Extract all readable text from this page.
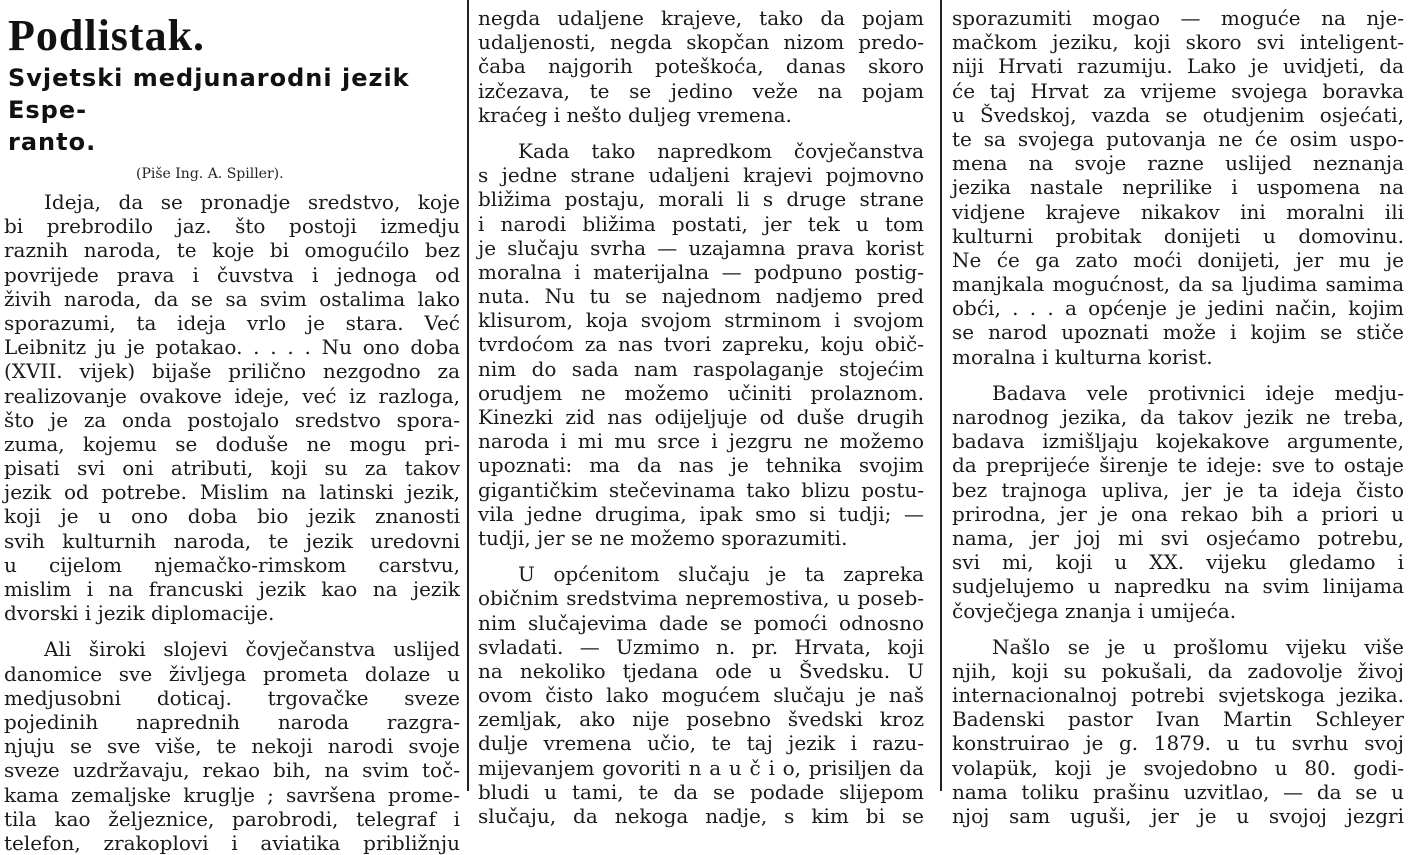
Podlistak.
Svjetski medjunarodni jezik Espe-
ranto.
(Piše Ing. A. Spiller).
Ideja, da se pronadje sredstvo, koje
bi prebrodilo jaz. što postoji izmedju
raznih naroda, te koje bi omogućilo bez
povrijede prava i čuvstva i jednoga od
živih naroda, da se sa svim ostalima lako
sporazumi, ta ideja vrlo je stara. Već
Leibnitz ju je potakao. . . . . Nu ono doba
(XVII. vijek) bijaše prilično nezgodno za
realizovanje ovakove ideje, već iz razloga,
što je za onda postojalo sredstvo spora-
zuma, kojemu se doduše ne mogu pri-
pisati svi oni atributi, koji su za takov
jezik od potrebe. Mislim na latinski jezik,
koji je u ono doba bio jezik znanosti
svih kulturnih naroda, te jezik uredovni
u cijelom njemačko-rimskom carstvu,
mislim i na francuski jezik kao na jezik
dvorski i jezik diplomacije.
Ali široki slojevi čovječanstva uslijed
danomice sve življega prometa dolaze u
medjusobni doticaj. trgovačke sveze
pojedinih naprednih naroda razgra-
njuju se sve više, te nekoji narodi svoje
sveze uzdržavaju, rekao bih, na svim toč-
kama zemaljske kruglje ; savršena prome-
tila kao željeznice, parobrodi, telegraf i
telefon, zrakoplovi i aviatika približnju
negda udaljene krajeve, tako da pojam
udaljenosti, negda skopčan nizom predo-
čaba najgorih poteškoća, danas skoro
izčezava, te se jedino veže na pojam
kraćeg i nešto duljeg vremena.
Kada tako napredkom čovječanstva
s jedne strane udaljeni krajevi pojmovno
bližima postaju, morali li s druge strane
i narodi bližima postati, jer tek u tom
je slučaju svrha — uzajamna prava korist
moralna i materijalna — podpuno postig-
nuta. Nu tu se najednom nadjemo pred
klisurom, koja svojom strminom i svojom
tvrdoćom za nas tvori zapreku, koju obič-
nim do sada nam raspolaganje stojećim
orudjem ne možemo učiniti prolaznom.
Kinezki zid nas odijeljuje od duše drugih
naroda i mi mu srce i jezgru ne možemo
upoznati: ma da nas je tehnika svojim
gigantičkim stečevinama tako blizu postu-
vila jedne drugima, ipak smo si tudji; —
tudji, jer se ne možemo sporazumiti.
U općenitom slučaju je ta zapreka
običnim sredstvima nepremostiva, u poseb-
nim slučajevima dade se pomoći odnosno
svladati. — Uzmimo n. pr. Hrvata, koji
na nekoliko tjedana ode u Švedsku. U
ovom čisto lako mogućem slučaju je naš
zemljak, ako nije posebno švedski kroz
dulje vremena učio, te taj jezik i razu-
mijevanjem govoriti n a u č i o, prisiljen da
bludi u tami, te da se podade slijepom
slučaju, da nekoga nadje, s kim bi se
sporazumiti mogao — moguće na nje-
mačkom jeziku, koji skoro svi inteligent-
niji Hrvati razumiju. Lako je uvidjeti, da
će taj Hrvat za vrijeme svojega boravka
u Švedskoj, vazda se otudjenim osjećati,
te sa svojega putovanja ne će osim uspo-
mena na svoje razne uslijed neznanja
jezika nastale neprilike i uspomena na
vidjene krajeve nikakov ini moralni ili
kulturni probitak donijeti u domovinu.
Ne će ga zato moći donijeti, jer mu je
manjkala mogućnost, da sa ljudima samima
obći, . . . a općenje je jedini način, kojim
se narod upoznati može i kojim se stiče
moralna i kulturna korist.
Badava vele protivnici ideje medju-
narodnog jezika, da takov jezik ne treba,
badava izmišljaju kojekakove argumente,
da preprijeće širenje te ideje: sve to ostaje
bez trajnoga upliva, jer je ta ideja čisto
prirodna, jer je ona rekao bih a priori u
nama, jer joj mi svi osjećamo potrebu,
svi mi, koji u XX. vijeku gledamo i
sudjelujemo u napredku na svim linijama
čovječjega znanja i umijeća.
Našlo se je u prošlomu vijeku više
njih, koji su pokušali, da zadovolje živoj
internacionalnoj potrebi svjetskoga jezika.
Badenski pastor Ivan Martin Schleyer
konstruirao je g. 1879. u tu svrhu svoj
volapük, koji je svojedobno u 80. godi-
nama toliku prašinu uzvitlao, — da se u
njoj sam uguši, jer je u svojoj jezgri
